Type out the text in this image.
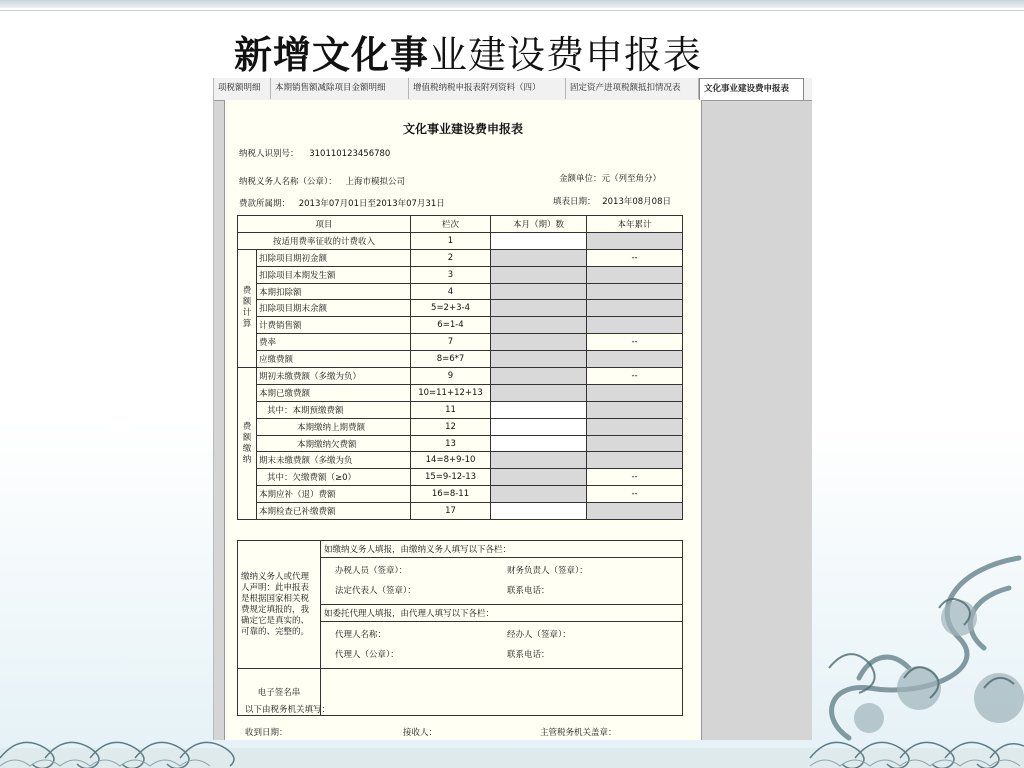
新增文化事业建设费申报表
项税额明细	本期销售额减除项目金额明细	增值税纳税申报表附列资料（四）	固定资产进项税额抵扣情况表	文化事业建设费申报表
文化事业建设费申报表
纳税人识别号： 310110123456780
纳税义务人名称（公章）： 上海市模拟公司	金额单位：元（列至角分）
费款所属期： 2013年07月01日至2013年07月31日	填表日期： 2013年08月08日
项目		栏次	本月（期）数	本年累计
按适用费率征收的计费收入		1		
费
额
计
算	扣除项目期初金额	2		--
	扣除项目本期发生额	3		
	本期扣除额	4		
	扣除项目期末余额	5=2+3-4		
	计费销售额	6=1-4		
	费率	7		--
	应缴费额	8=6*7		
费
额
缴
纳	期初未缴费额（多缴为负）	9		--
	本期已缴费额	10=11+12+13		
	其中：本期预缴费额	11		
	本期缴纳上期费额	12		
	本期缴纳欠费额	13		
	期末未缴费额（多缴为负	14=8+9-10		
	其中：欠缴费额（≥0）	15=9-12-13		--
	本期应补（退）费额	16=8-11		--
	本期检查已补缴费额	17		
缴纳义务人或代理人声明：此申报表是根据国家相关税费规定填报的，我确定它是真实的、可靠的、完整的。	如缴纳义务人填报，由缴纳义务人填写以下各栏：

	办税人员（签章）： 财务负责人（签章）：
法定代表人（签章）： 联系电话：

	如委托代理人填报，由代理人填写以下各栏：

	代理人名称： 经办人（签章）：
代理人（公章）： 联系电话：

电子签名串	
以下由税务机关填写：
收到日期：	接收人：	主管税务机关盖章：
